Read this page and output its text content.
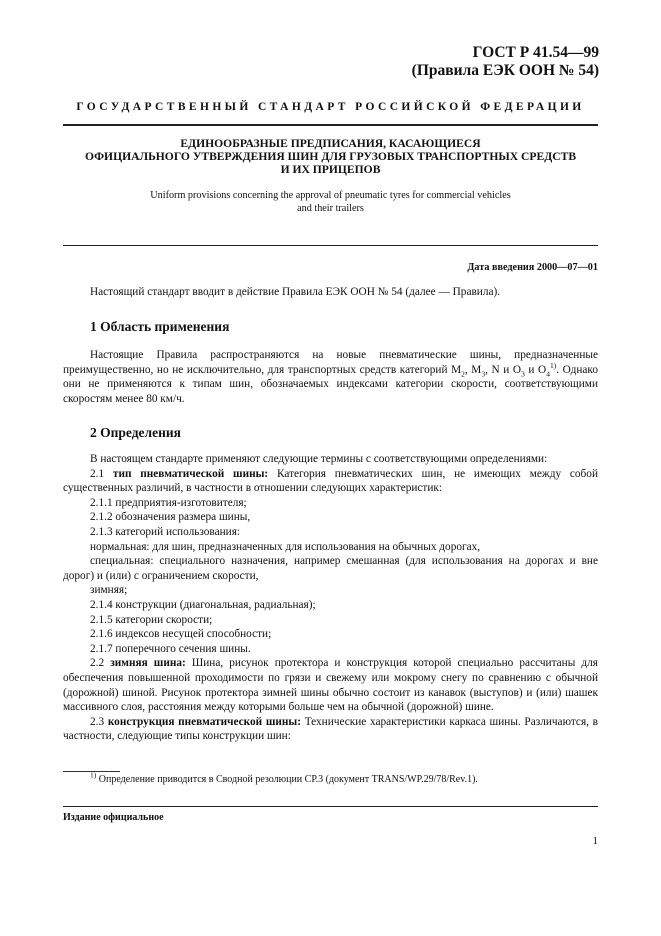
ГОСТ Р 41.54—99
(Правила ЕЭК ООН № 54)
ГОСУДАРСТВЕННЫЙ СТАНДАРТ РОССИЙСКОЙ ФЕДЕРАЦИИ
ЕДИНООБРАЗНЫЕ ПРЕДПИСАНИЯ, КАСАЮЩИЕСЯ
ОФИЦИАЛЬНОГО УТВЕРЖДЕНИЯ ШИН ДЛЯ ГРУЗОВЫХ ТРАНСПОРТНЫХ СРЕДСТВ
И ИХ ПРИЦЕПОВ
Uniform provisions concerning the approval of pneumatic tyres for commercial vehicles
and their trailers
Дата введения 2000—07—01

Настоящий стандарт вводит в действие Правила ЕЭК ООН № 54 (далее — Правила).

1 Область применения

Настоящие Правила распространяются на новые пневматические шины, предназначенные преимущественно, но не исключительно, для транспортных средств категорий $M_2$, $M_3$, N и $O_3$ и $O_4^{1)}$. Однако они не применяются к типам шин, обозначаемых индексами категории скорости, соответствующими скоростям менее 80 км/ч.

2 Определения

В настоящем стандарте применяют следующие термины с соответствующими определениями:

2.1 тип пневматической шины: Категория пневматических шин, не имеющих между собой существенных различий, в частности в отношении следующих характеристик:

2.1.1 предприятия-изготовителя;

2.1.2 обозначения размера шины,

2.1.3 категорий использования:

нормальная: для шин, предназначенных для использования на обычных дорогах,

специальная: специального назначения, например смешанная (для использования на дорогах и вне дорог) и (или) с ограничением скорости,

зимняя;

2.1.4 конструкции (диагональная, радиальная);

2.1.5 категории скорости;

2.1.6 индексов несущей способности;

2.1.7 поперечного сечения шины.

2.2 зимняя шина: Шина, рисунок протектора и конструкция которой специально рассчитаны для обеспечения повышенной проходимости по грязи и свежему или мокрому снегу по сравнению с обычной (дорожной) шиной. Рисунок протектора зимней шины обычно состоит из канавок (выступов) и (или) шашек массивного слоя, расстояния между которыми больше чем на обычной (дорожной) шине.

2.3 конструкция пневматической шины: Технические характеристики каркаса шины. Различаются, в частности, следующие типы конструкции шин:

$^{1)}$ Определение приводится в Сводной резолюции СР.3 (документ TRANS/WP.29/78/Rev.1).
Издание официальное
1
